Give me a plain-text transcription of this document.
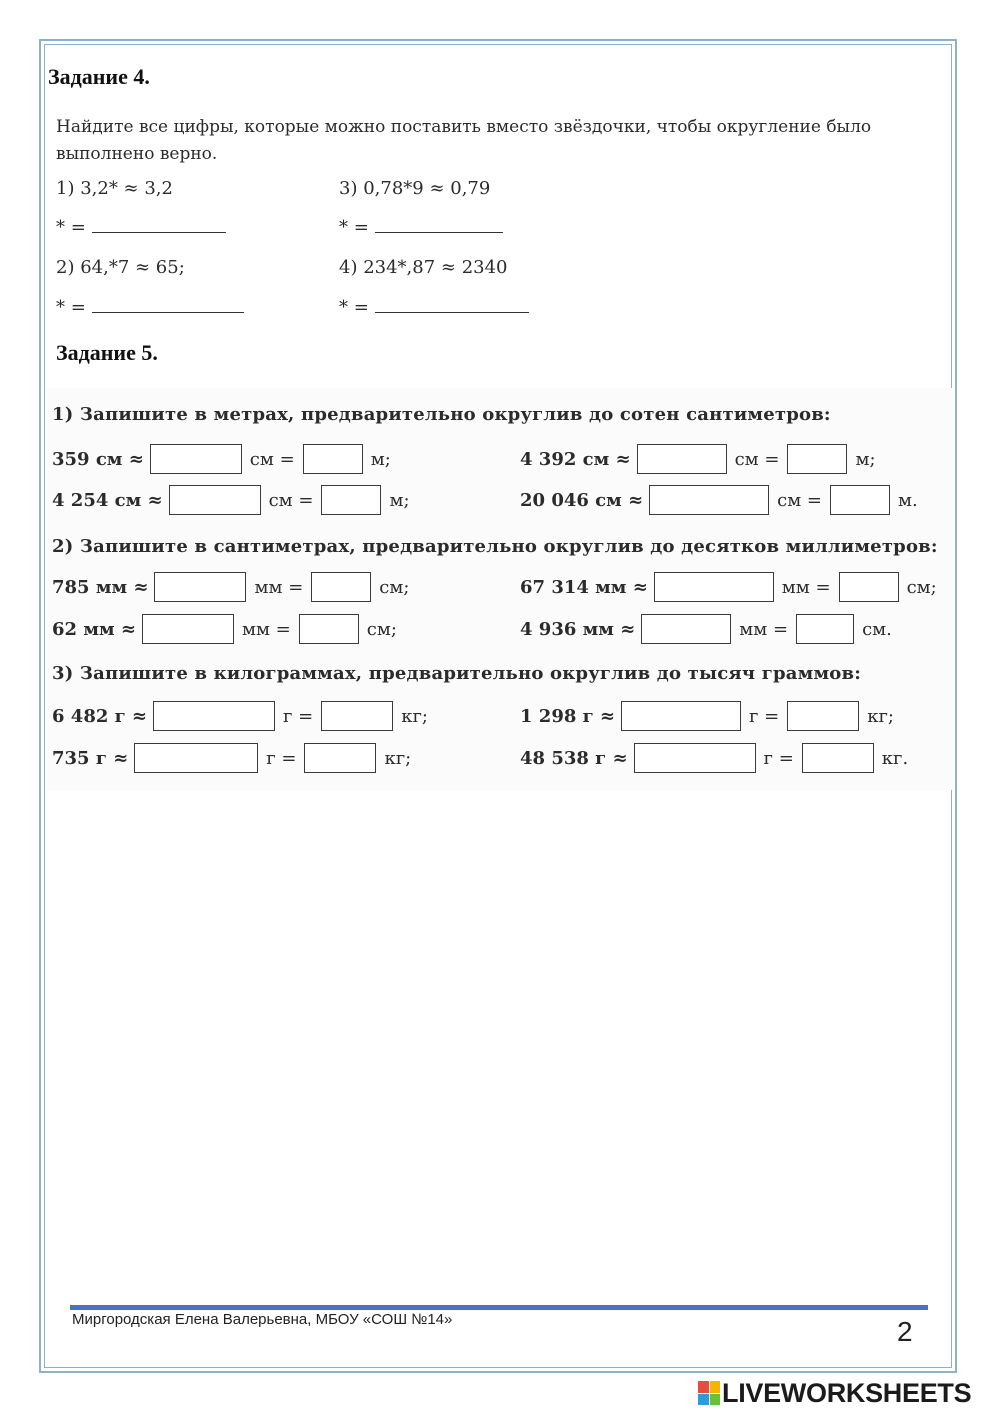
Задание 4.
Найдите все цифры, которые можно поставить вместо звёздочки, чтобы округление было выполнено верно.
1) 3,2* ≈ 3,2	3) 0,78*9 ≈ 0,79
* =	* =
2) 64,*7 ≈ 65;	4) 234*,87 ≈ 2340
* =	* =
Задание 5.
1) Запишите в метрах, предварительно округлив до сотен сантиметров:
359 см ≈	см =	м;	4 392 см ≈	см =	м;
4 254 см ≈	см =	м;	20 046 см ≈	см =	м.
2) Запишите в сантиметрах, предварительно округлив до десятков миллиметров:
785 мм ≈	мм =	см;	67 314 мм ≈	мм =	см;
62 мм ≈	мм =	см;	4 936 мм ≈	мм =	см.
3) Запишите в килограммах, предварительно округлив до тысяч граммов:
6 482 г ≈	г =	кг;	1 298 г ≈	г =	кг;
735 г ≈	г =	кг;	48 538 г ≈	г =	кг.
Миргородская Елена Валерьевна, МБОУ «СОШ №14»	2
LIVEWORKSHEETS
